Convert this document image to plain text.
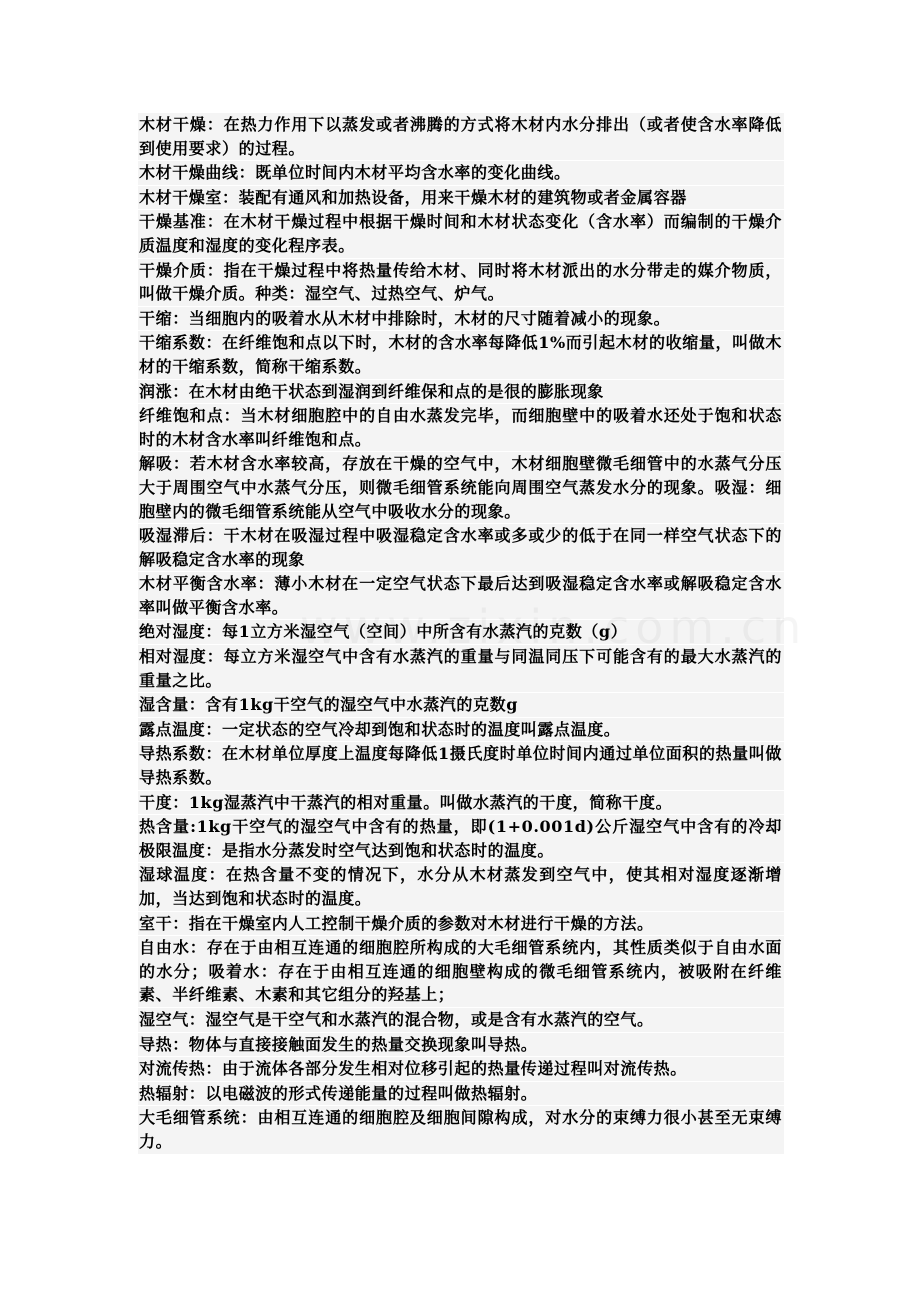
木材干燥：在热力作用下以蒸发或者沸腾的方式将木材内水分排出（或者使含水率降低到使用要求）的过程。

木材干燥曲线：既单位时间内木材平均含水率的变化曲线。

木材干燥室：装配有通风和加热设备，用来干燥木材的建筑物或者金属容器

干燥基准：在木材干燥过程中根据干燥时间和木材状态变化（含水率）而编制的干燥介质温度和湿度的变化程序表。

干燥介质：指在干燥过程中将热量传给木材、同时将木材派出的水分带走的媒介物质，叫做干燥介质。种类：湿空气、过热空气、炉气。

干缩：当细胞内的吸着水从木材中排除时，木材的尺寸随着减小的现象。

干缩系数：在纤维饱和点以下时，木材的含水率每降低1%而引起木材的收缩量，叫做木材的干缩系数，简称干缩系数。

润涨：在木材由绝干状态到湿润到纤维保和点的是很的膨胀现象

纤维饱和点：当木材细胞腔中的自由水蒸发完毕，而细胞壁中的吸着水还处于饱和状态时的木材含水率叫纤维饱和点。

解吸：若木材含水率较高，存放在干燥的空气中，木材细胞壁微毛细管中的水蒸气分压大于周围空气中水蒸气分压，则微毛细管系统能向周围空气蒸发水分的现象。吸湿：细胞壁内的微毛细管系统能从空气中吸收水分的现象。

吸湿滞后：干木材在吸湿过程中吸湿稳定含水率或多或少的低于在同一样空气状态下的解吸稳定含水率的现象

木材平衡含水率：薄小木材在一定空气状态下最后达到吸湿稳定含水率或解吸稳定含水率叫做平衡含水率。

绝对湿度：每1立方米湿空气（空间）中所含有水蒸汽的克数（g）

相对湿度：每立方米湿空气中含有水蒸汽的重量与同温同压下可能含有的最大水蒸汽的重量之比。

湿含量：含有1kg干空气的湿空气中水蒸汽的克数g

露点温度：一定状态的空气冷却到饱和状态时的温度叫露点温度。

导热系数：在木材单位厚度上温度每降低1摄氏度时单位时间内通过单位面积的热量叫做导热系数。

干度：1kg湿蒸汽中干蒸汽的相对重量。叫做水蒸汽的干度，简称干度。

热含量:1kg干空气的湿空气中含有的热量，即(1+0.001d)公斤湿空气中含有的冷却极限温度：是指水分蒸发时空气达到饱和状态时的温度。

湿球温度：在热含量不变的情况下，水分从木材蒸发到空气中，使其相对湿度逐渐增加，当达到饱和状态时的温度。

室干：指在干燥室内人工控制干燥介质的参数对木材进行干燥的方法。

自由水：存在于由相互连通的细胞腔所构成的大毛细管系统内，其性质类似于自由水面的水分；吸着水：存在于由相互连通的细胞壁构成的微毛细管系统内，被吸附在纤维素、半纤维素、木素和其它组分的羟基上；

湿空气：湿空气是干空气和水蒸汽的混合物，或是含有水蒸汽的空气。

导热：物体与直接接触面发生的热量交换现象叫导热。

对流传热：由于流体各部分发生相对位移引起的热量传递过程叫对流传热。

热辐射：以电磁波的形式传递能量的过程叫做热辐射。

大毛细管系统：由相互连通的细胞腔及细胞间隙构成，对水分的束缚力很小甚至无束缚力。
